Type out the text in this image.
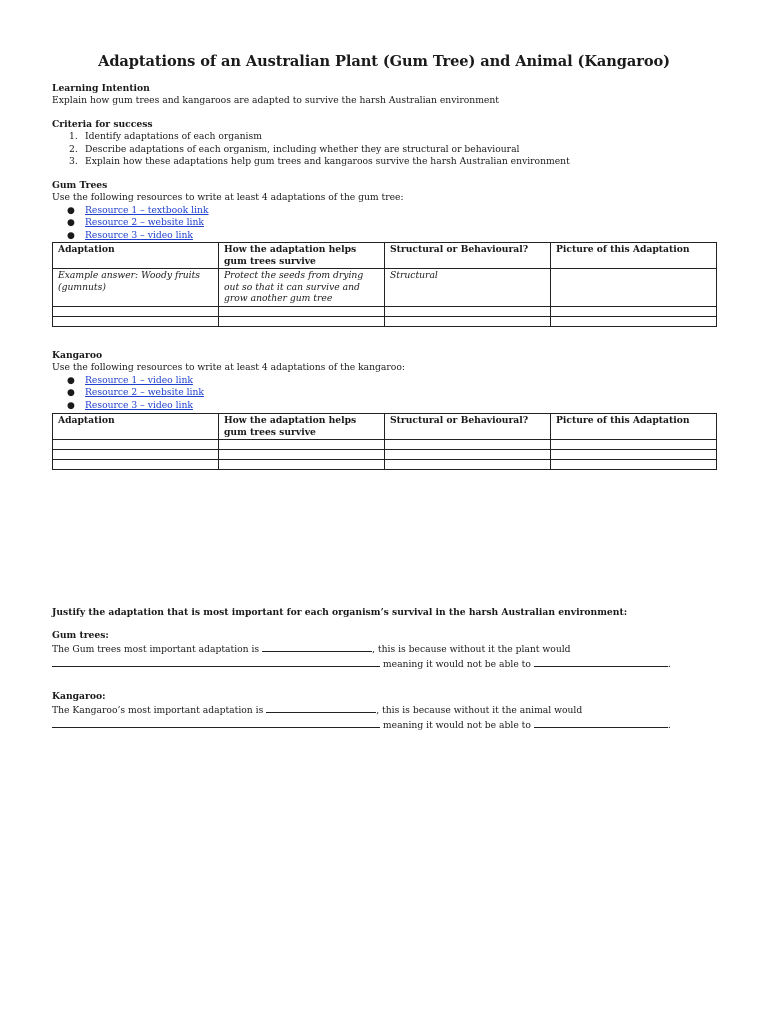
Adaptations of an Australian Plant (Gum Tree) and Animal (Kangaroo)
Learning Intention
Explain how gum trees and kangaroos are adapted to survive the harsh Australian environment
Criteria for success
1. Identify adaptations of each organism
2. Describe adaptations of each organism, including whether they are structural or behavioural
3. Explain how these adaptations help gum trees and kangaroos survive the harsh Australian environment
Gum Trees
Use the following resources to write at least 4 adaptations of the gum tree:
● Resource 1 – textbook link
● Resource 2 – website link
● Resource 3 – video link
Adaptation	How the adaptation helps gum trees survive	Structural or Behavioural?	Picture of this Adaptation
Example answer: Woody fruits (gumnuts)	Protect the seeds from drying out so that it can survive and grow another gum tree	Structural	

Kangaroo
Use the following resources to write at least 4 adaptations of the kangaroo:
● Resource 1 – video link
● Resource 2 – website link
● Resource 3 – video link
Adaptation	How the adaptation helps gum trees survive	Structural or Behavioural?	Picture of this Adaptation

Justify the adaptation that is most important for each organism’s survival in the harsh Australian environment:
Gum trees:
The Gum trees most important adaptation is	, this is because without it the plant would
meaning it would not be able to	.
Kangaroo:
The Kangaroo’s most important adaptation is	, this is because without it the animal would
meaning it would not be able to	.
